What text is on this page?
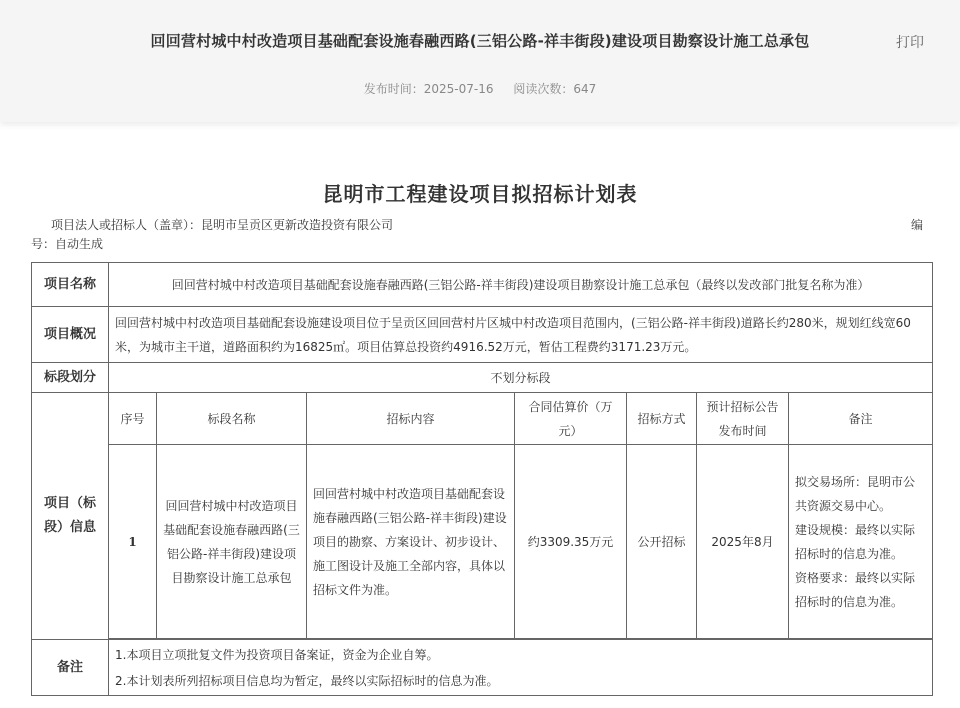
回回营村城中村改造项目基础配套设施春融西路(三铝公路-祥丰街段)建设项目勘察设计施工总承包	打印
发布时间：2025-07-16 阅读次数：647
昆明市工程建设项目拟招标计划表
项目法人或招标人（盖章）：昆明市呈贡区更新改造投资有限公司	编

号：自动生成
项目名称	回回营村城中村改造项目基础配套设施春融西路(三铝公路-祥丰街段)建设项目勘察设计施工总承包（最终以发改部门批复名称为准）						
项目概况	回回营村城中村改造项目基础配套设施建设项目位于呈贡区回回营村片区城中村改造项目范围内，(三铝公路-祥丰街段)道路长约280米，规划红线宽60米，为城市主干道，道路面积约为16825㎡。项目估算总投资约4916.52万元，暂估工程费约3171.23万元。						
标段划分	不划分标段						
项目（标段）信息	序号	标段名称	招标内容	合同估算价（万元）	招标方式	预计招标公告发布时间	备注
	1	回回营村城中村改造项目基础配套设施春融西路(三铝公路-祥丰街段)建设项目勘察设计施工总承包	回回营村城中村改造项目基础配套设施春融西路(三铝公路-祥丰街段)建设项目的勘察、方案设计、初步设计、施工图设计及施工全部内容，具体以招标文件为准。	约3309.35万元	公开招标	2025年8月	拟交易场所：昆明市公共资源交易中心。
建设规模：最终以实际招标时的信息为准。
资格要求：最终以实际招标时的信息为准。

备注	1.本项目立项批复文件为投资项目备案证，资金为企业自筹。
2.本计划表所列招标项目信息均为暂定，最终以实际招标时的信息为准。						
